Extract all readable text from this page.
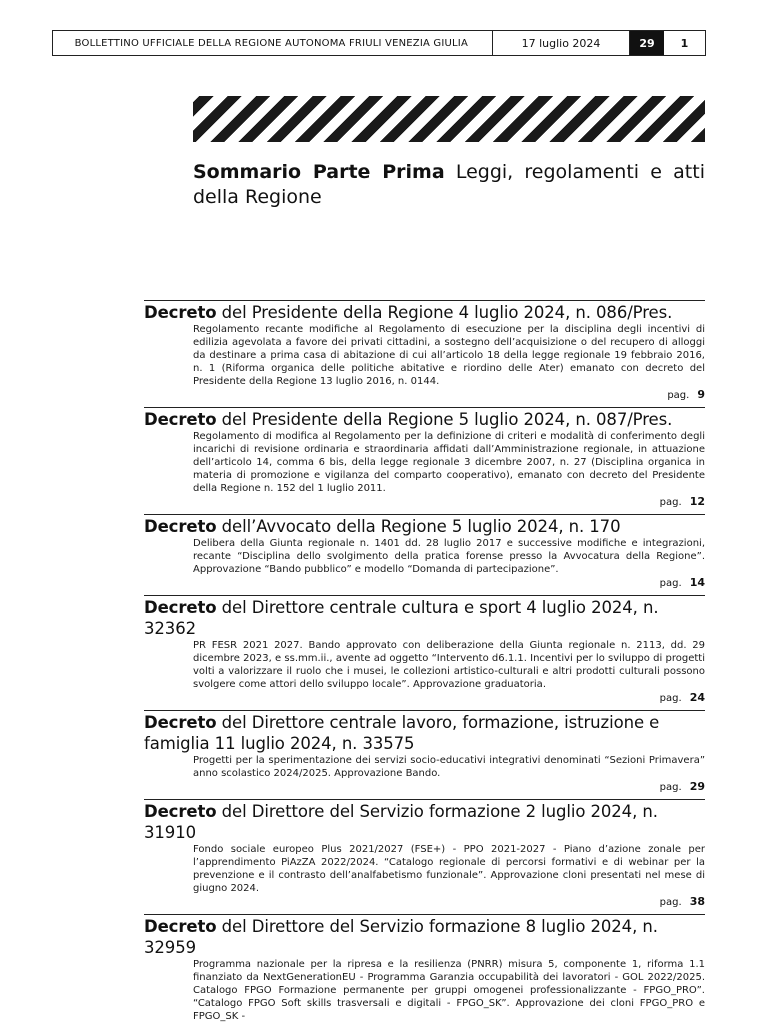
BOLLETTINO UFFICIALE DELLA REGIONE AUTONOMA FRIULI VENEZIA GIULIA	17 luglio 2024	29	1
Sommario Parte Prima Leggi, regolamenti e atti della Regione
Decreto del Presidente della Regione 4 luglio 2024, n. 086/Pres.
Regolamento recante modifiche al Regolamento di esecuzione per la disciplina degli incentivi di edilizia agevolata a favore dei privati cittadini, a sostegno dell’acquisizione o del recupero di alloggi da destinare a prima casa di abitazione di cui all’articolo 18 della legge regionale 19 febbraio 2016, n. 1 (Riforma organica delle politiche abitative e riordino delle Ater) emanato con decreto del Presidente della Regione 13 luglio 2016, n. 0144.
pag. 9
Decreto del Presidente della Regione 5 luglio 2024, n. 087/Pres.
Regolamento di modifica al Regolamento per la definizione di criteri e modalità di conferimento degli incarichi di revisione ordinaria e straordinaria affidati dall’Amministrazione regionale, in attuazione dell’articolo 14, comma 6 bis, della legge regionale 3 dicembre 2007, n. 27 (Disciplina organica in materia di promozione e vigilanza del comparto cooperativo), emanato con decreto del Presidente della Regione n. 152 del 1 luglio 2011.
pag. 12
Decreto dell’Avvocato della Regione 5 luglio 2024, n. 170
Delibera della Giunta regionale n. 1401 dd. 28 luglio 2017 e successive modifiche e integrazioni, recante “Disciplina dello svolgimento della pratica forense presso la Avvocatura della Regione”. Approvazione “Bando pubblico” e modello “Domanda di partecipazione”.
pag. 14
Decreto del Direttore centrale cultura e sport 4 luglio 2024, n. 32362
PR FESR 2021 2027. Bando approvato con deliberazione della Giunta regionale n. 2113, dd. 29 dicembre 2023, e ss.mm.ii., avente ad oggetto “Intervento d6.1.1. Incentivi per lo sviluppo di progetti volti a valorizzare il ruolo che i musei, le collezioni artistico-culturali e altri prodotti culturali possono svolgere come attori dello sviluppo locale”. Approvazione graduatoria.
pag. 24
Decreto del Direttore centrale lavoro, formazione, istruzione e famiglia 11 luglio 2024, n. 33575
Progetti per la sperimentazione dei servizi socio-educativi integrativi denominati “Sezioni Primavera” anno scolastico 2024/2025. Approvazione Bando.
pag. 29
Decreto del Direttore del Servizio formazione 2 luglio 2024, n. 31910
Fondo sociale europeo Plus 2021/2027 (FSE+) - PPO 2021-2027 - Piano d’azione zonale per l’apprendimento PiAzZA 2022/2024. “Catalogo regionale di percorsi formativi e di webinar per la prevenzione e il contrasto dell’analfabetismo funzionale”. Approvazione cloni presentati nel mese di giugno 2024.
pag. 38
Decreto del Direttore del Servizio formazione 8 luglio 2024, n. 32959
Programma nazionale per la ripresa e la resilienza (PNRR) misura 5, componente 1, riforma 1.1 finanziato da NextGenerationEU - Programma Garanzia occupabilità dei lavoratori - GOL 2022/2025. Catalogo FPGO Formazione permanente per gruppi omogenei professionalizzante - FPGO_PRO”. “Catalogo FPGO Soft skills trasversali e digitali - FPGO_SK”. Approvazione dei cloni FPGO_PRO e FPGO_SK -
